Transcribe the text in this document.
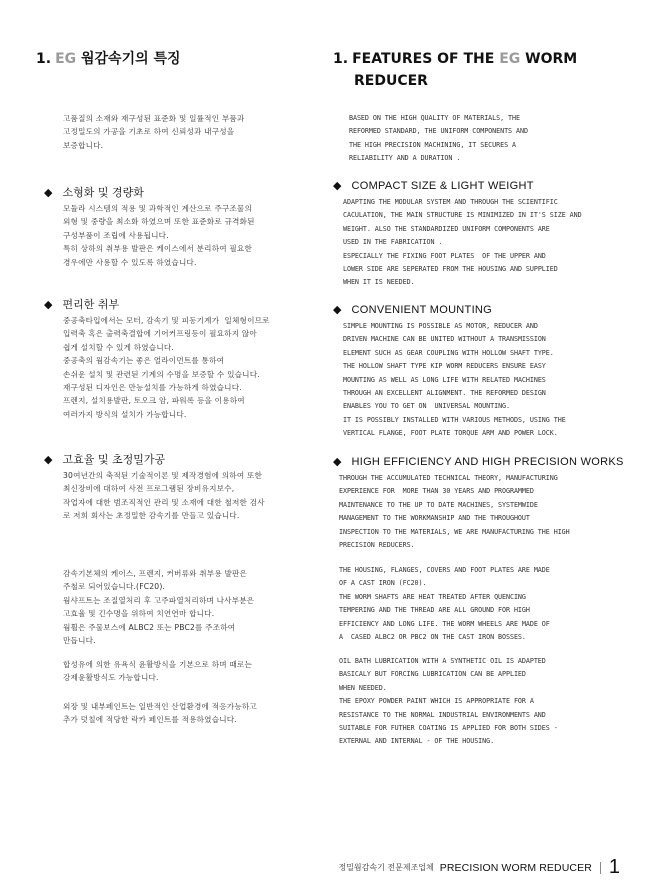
1. EG 웜감속기의 특징
고품질의 소재와 재구성된 표준화 및 일률적인 부품과
고정밀도의 가공을 기초로 하여 신뢰성과 내구성을
보증합니다.
◆ 소형화 및 경량화
모듈라 시스템의 적용 및 과학적인 계산으로 주구조물의
외형 및 중량을 최소화 하였으며 또한 표준화로 규격화된
구성부품이 조립에 사용됩니다.
특히 상하의 취부용 발판은 케이스에서 분리하여 필요한
경우에만 사용할 수 있도록 하였습니다.
◆ 편리한 취부
중공축타입에서는 모터, 감속기 및 피동기계가  일체형이므로
입력축 혹은 출력축결합에 기어커프링등이 필요하지 않아
쉽게 설치할 수 있게 하였습니다.
중공축의 웜감속기는 좋은 얼라이먼트를 통하여
손쉬운 설치 및 관련된 기계의 수명을 보증할 수 있습니다.
재구성된 디자인은 만능설치를 가능하게 하였습니다.
프렌지, 설치용발판, 토오크 암, 파워록 등을 이용하여
여러가지 방식의 설치가 가능합니다.
◆ 고효율 및 초정밀가공
30여년간의 축적된 기술적이론 및 제작경험에 의하여 또한
최신장비에 대하여 사전 프로그램된 장비유지보수,
작업자에 대한 범조직적인 관리 및 소재에 대한 철저한 검사
로 저희 회사는 초정밀한 감속기를 만들고 있습니다.
감속기본체의 케이스, 프렌지, 커버류와 취부용 발판은
주철로 되어있습니다.(FC20).
웜샤프트는 조질열처리 후 고주파열처리하며 나사부분은
고효율 및 긴수명을 위하여 치연연마 합니다.
웜휠은 주물보스에 ALBC2 또는 PBC2를 주조하여
만듭니다.
합성유에 의한 유욕식 윤활방식을 기본으로 하며 때로는
강제윤활방식도 가능합니다.
외장 및 내부페인트는 일반적인 산업환경에 적응가능하고
추가 덧칠에 적당한 락카 페인트를 적용하였습니다.
1. FEATURES OF THE EG WORM
REDUCER
BASED ON THE HIGH QUALITY OF MATERIALS, THE
REFORMED STANDARD, THE UNIFORM COMPONENTS AND
THE HIGH PRECISION MACHINING, IT SECURES A
RELIABILITY AND A DURATION .
◆ COMPACT SIZE & LIGHT WEIGHT
ADAPTING THE MODULAR SYSTEM AND THROUGH THE SCIENTIFIC
CACULATION, THE MAIN STRUCTURE IS MINIMIZED IN IT'S SIZE AND
WEIGHT. ALSO THE STANDARDIZED UNIFORM COMPONENTS ARE
USED IN THE FABRICATION .
ESPECIALLY THE FIXING FOOT PLATES  OF THE UPPER AND
LOWER SIDE ARE SEPERATED FROM THE HOUSING AND SUPPLIED
WHEN IT IS NEEDED.
◆ CONVENIENT MOUNTING
SIMPLE MOUNTING IS POSSIBLE AS MOTOR, REDUCER AND
DRIVEN MACHINE CAN BE UNITED WITHOUT A TRANSMISSION
ELEMENT SUCH AS GEAR COUPLING WITH HOLLOW SHAFT TYPE.
THE HOLLOW SHAFT TYPE KIP WORM REDUCERS ENSURE EASY
MOUNTING AS WELL AS LONG LIFE WITH RELATED MACHINES
THROUGH AN EXCELLENT ALIGNMENT. THE REFORMED DESIGN
ENABLES YOU TO GET ON  UNIVERSAL MOUNTING.
IT IS POSSIBLY INSTALLED WITH VARIOUS METHODS, USING THE
VERTICAL FLANGE, FOOT PLATE TORQUE ARM AND POWER LOCK.
◆ HIGH EFFICIENCY AND HIGH PRECISION WORKS
THROUGH THE ACCUMULATED TECHNICAL THEORY, MANUFACTURING
EXPERIENCE FOR  MORE THAN 30 YEARS AND PROGRAMMED
MAINTENANCE TO THE UP TO DATE MACHINES, SYSTEMWIDE
MANAGEMENT TO THE WORKMANSHIP AND THE THROUGHOUT
INSPECTION TO THE MATERIALS, WE ARE MANUFACTURING THE HIGH
PRECISION REDUCERS.
THE HOUSING, FLANGES, COVERS AND FOOT PLATES ARE MADE
OF A CAST IRON (FC20).
THE WORM SHAFTS ARE HEAT TREATED AFTER QUENCING
TEMPERING AND THE THREAD ARE ALL GROUND FOR HIGH
EFFICIENCY AND LONG LIFE. THE WORM WHEELS ARE MADE OF
A  CASED ALBC2 OR PBC2 ON THE CAST IRON BOSSES.
OIL BATH LUBRICATION WITH A SYNTHETIC OIL IS ADAPTED
BASICALY BUT FORCING LUBRICATION CAN BE APPLIED
WHEN NEEDED.
THE EPOXY POWDER PAINT WHICH IS APPROPRIATE FOR A
RESISTANCE TO THE NORMAL INDUSTRIAL ENVIRONMENTS AND
SUITABLE FOR FUTHER COATING IS APPLIED FOR BOTH SIDES -
EXTERNAL AND INTERNAL - OF THE HOUSING.
정밀웜감속기 전문제조업체 PRECISION WORM REDUCER 1
